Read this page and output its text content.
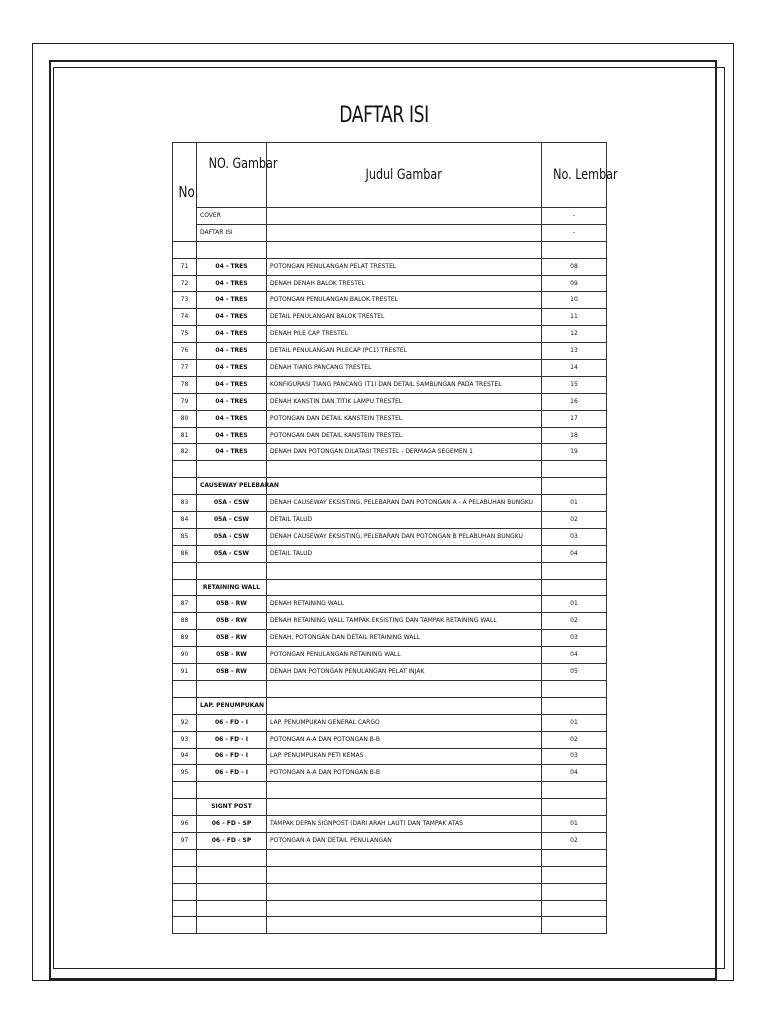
DAFTAR ISI
No.	NO. Gambar	Judul Gambar	No. Lembar
	COVER		-
	DAFTAR ISI		-

71	04 - TRES	POTONGAN PENULANGAN PELAT TRESTEL	08
72	04 - TRES	DENAH DENAH BALOK TRESTEL	09
73	04 - TRES	POTONGAN PENULANGAN BALOK TRESTEL	10
74	04 - TRES	DETAIL PENULANGAN BALOK TRESTEL	11
75	04 - TRES	DENAH PILE CAP TRESTEL	12
76	04 - TRES	DETAIL PENULANGAN PILECAP (PC1) TRESTEL	13
77	04 - TRES	DENAH TIANG PANCANG TRESTEL	14
78	04 - TRES	KONFIGURASI TIANG PANCANG (T1) DAN DETAIL SAMBUNGAN PADA TRESTEL	15
79	04 - TRES	DENAH KANSTIN DAN TITIK LAMPU TRESTEL	16
80	04 - TRES	POTONGAN DAN DETAIL KANSTEIN TRESTEL	17
81	04 - TRES	POTONGAN DAN DETAIL KANSTEIN TRESTEL	18
82	04 - TRES	DENAH DAN POTONGAN DILATASI TRESTEL - DERMAGA SEGEMEN 1	19

	CAUSEWAY PELEBARAN		
83	05A - CSW	DENAH CAUSEWAY EKSISTING, PELEBARAN DAN POTONGAN A - A PELABUHAN BUNGKU	01
84	05A - CSW	DETAIL TALUD	02
85	05A - CSW	DENAH CAUSEWAY EKSISTING, PELEBARAN DAN POTONGAN B PELABUHAN BUNGKU	03
86	05A - CSW	DETAIL TALUD	04

	RETAINING WALL		
87	05B - RW	DENAH RETAINING WALL	01
88	05B - RW	DENAH RETAINING WALL TAMPAK EKSISTING DAN TAMPAK RETAINING WALL	02
89	05B - RW	DENAH, POTONGAN DAN DETAIL RETAINING WALL	03
90	05B - RW	POTONGAN PENULANGAN RETAINING WALL	04
91	05B - RW	DENAH DAN POTONGAN PENULANGAN PELAT INJAK	05

	LAP. PENUMPUKAN		
92	06 - FD - I	LAP. PENUMPUKAN GENERAL CARGO	01
93	06 - FD - I	POTONGAN A-A DAN POTONGAN B-B	02
94	06 - FD - I	LAP. PENUMPUKAN PETI KEMAS	03
95	06 - FD - I	POTONGAN A-A DAN POTONGAN B-B	04

	SIGNT POST		
96	06 - FD - SP	TAMPAK DEPAN SIGNPOST (DARI ARAH LAUT) DAN TAMPAK ATAS	01
97	06 - FD - SP	POTONGAN A DAN DETAIL PENULANGAN	02
